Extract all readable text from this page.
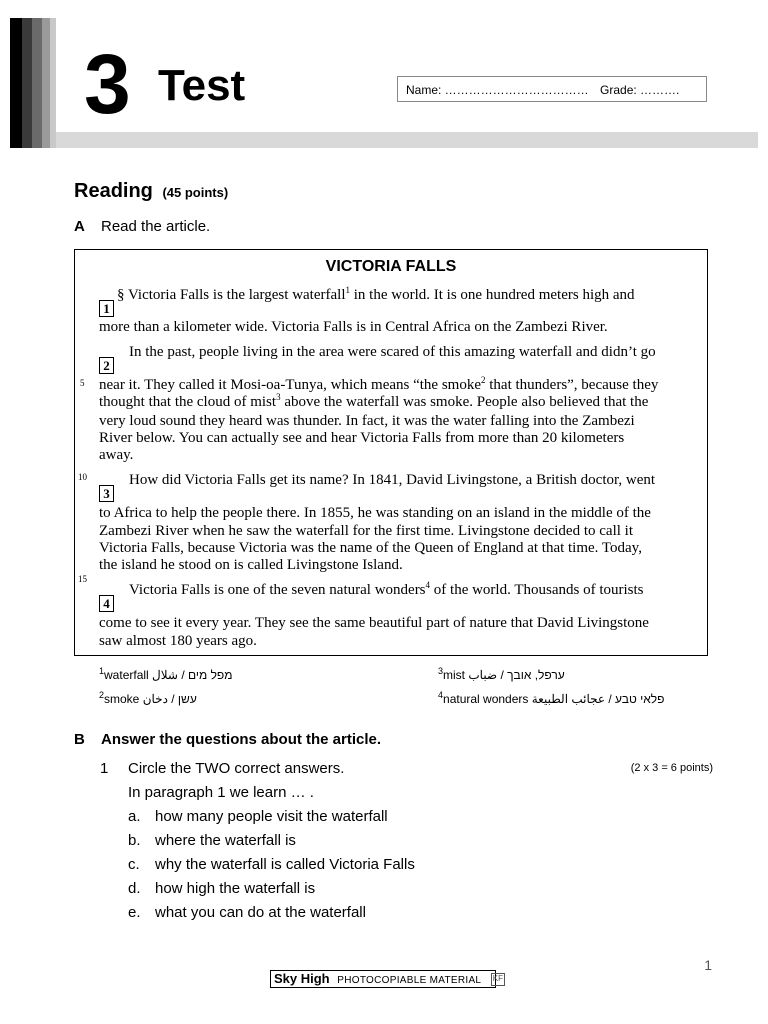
3 Test	Name: ……………………………… Grade: ……….
Reading (45 points)
A Read the article.
VICTORIA FALLS
1
§ Victoria Falls is the largest waterfall$^1$ in the world. It is one hundred meters high and
more than a kilometer wide. Victoria Falls is in Central Africa on the Zambezi River.
2
In the past, people living in the area were scared of this amazing waterfall and didn’t go
5 near it. They called it Mosi-oa-Tunya, which means “the smoke$^2$ that thunders”, because they
thought that the cloud of mist$^3$ above the waterfall was smoke. People also believed that the
very loud sound they heard was thunder. In fact, it was the water falling into the Zambezi
River below. You can actually see and hear Victoria Falls from more than 20 kilometers
away.
10
3
How did Victoria Falls get its name? In 1841, David Livingstone, a British doctor, went
to Africa to help the people there. In 1855, he was standing on an island in the middle of the
Zambezi River when he saw the waterfall for the first time. Livingstone decided to call it
Victoria Falls, because Victoria was the name of the Queen of England at that time. Today,
the island he stood on is called Livingstone Island.
15
4
Victoria Falls is one of the seven natural wonders$^4$ of the world. Thousands of tourists
come to see it every year. They see the same beautiful part of nature that David Livingstone
saw almost 180 years ago.
$^1$waterfall מפל מים / شلال	$^3$mist ערפל, אובך / ضباب
$^2$smoke עשן / دخان	$^4$natural wonders פלאי טבע / عجائب الطبيعة
B Answer the questions about the article.
1 Circle the TWO correct answers.	(2 x 3 = 6 points)
In paragraph 1 we learn … .
a. how many people visit the waterfall
b. where the waterfall is
c. why the waterfall is called Victoria Falls
d. how high the waterfall is
e. what you can do at the waterfall
1
Sky High PHOTOCOPIABLE MATERIAL KF
